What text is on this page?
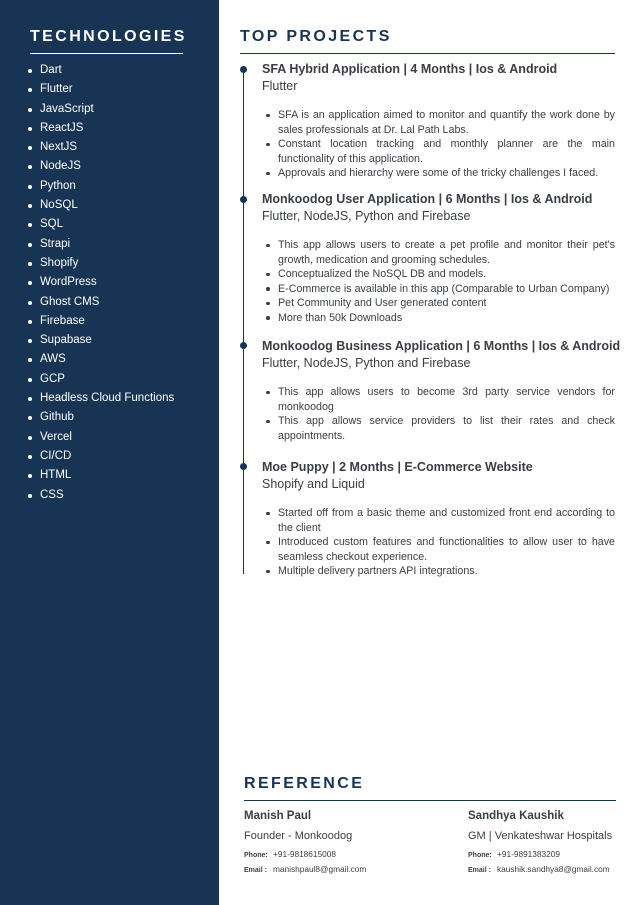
TECHNOLOGIES
Dart
Flutter
JavaScript
ReactJS
NextJS
NodeJS
Python
NoSQL
SQL
Strapi
Shopify
WordPress
Ghost CMS
Firebase
Supabase
AWS
GCP
Headless Cloud Functions
Github
Vercel
CI/CD
HTML
CSS
TOP PROJECTS
SFA Hybrid Application | 4 Months | Ios & Android
Flutter
SFA is an application aimed to monitor and quantify the work done by sales professionals at Dr. Lal Path Labs.
Constant location tracking and monthly planner are the main functionality of this application.
Approvals and hierarchy were some of the tricky challenges I faced.
Monkoodog User Application | 6 Months | Ios & Android
Flutter, NodeJS, Python and Firebase
This app allows users to create a pet profile and monitor their pet's growth, medication and grooming schedules.
Conceptualized the NoSQL DB and models.
E-Commerce is available in this app (Comparable to Urban Company)
Pet Community and User generated content
More than 50k Downloads
Monkoodog Business Application | 6 Months | Ios & Android
Flutter, NodeJS, Python and Firebase
This app allows users to become 3rd party service vendors for monkoodog
This app allows service providers to list their rates and check appointments.
Moe Puppy | 2 Months | E-Commerce Website
Shopify and Liquid
Started off from a basic theme and customized front end according to the client
Introduced custom features and functionalities to allow user to have seamless checkout experience.
Multiple delivery partners API integrations.
REFERENCE
Manish Paul
Founder - Monkoodog
Phone: +91-9818615008
Email : manishpaul8@gmail.com
Sandhya Kaushik
GM | Venkateshwar Hospitals
Phone: +91-9891383209
Email : kaushik.sandhya8@gmail.com
